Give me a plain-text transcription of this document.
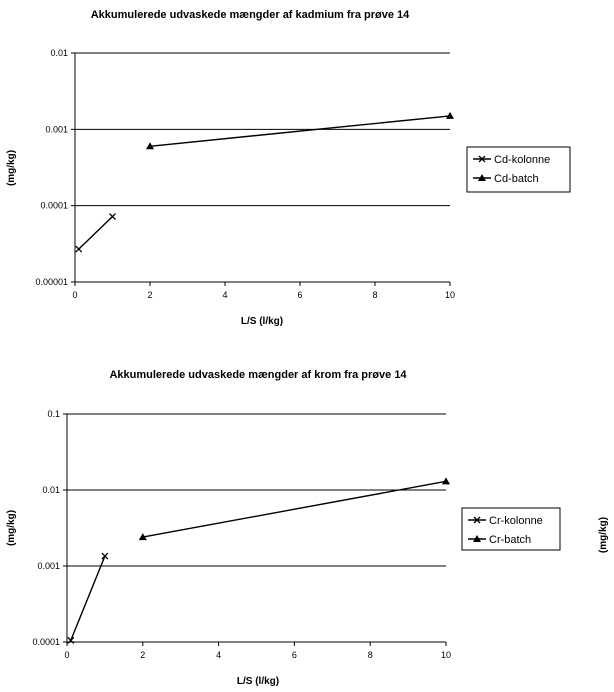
Akkumulerede udvaskede mængder af kadmium fra prøve 14
L/S (l/kg)
(mg/kg)
0.00001
0.0001
0.001
0.01
0	2	4	6	8	10
Cd-kolonne
Cd-batch
Akkumulerede udvaskede mængder af krom fra prøve 14
L/S (l/kg)
(mg/kg)
0.0001
0.001
0.01
0.1
0	2	4	6	8	10
Cr-kolonne
Cr-batch	(mg/kg)
